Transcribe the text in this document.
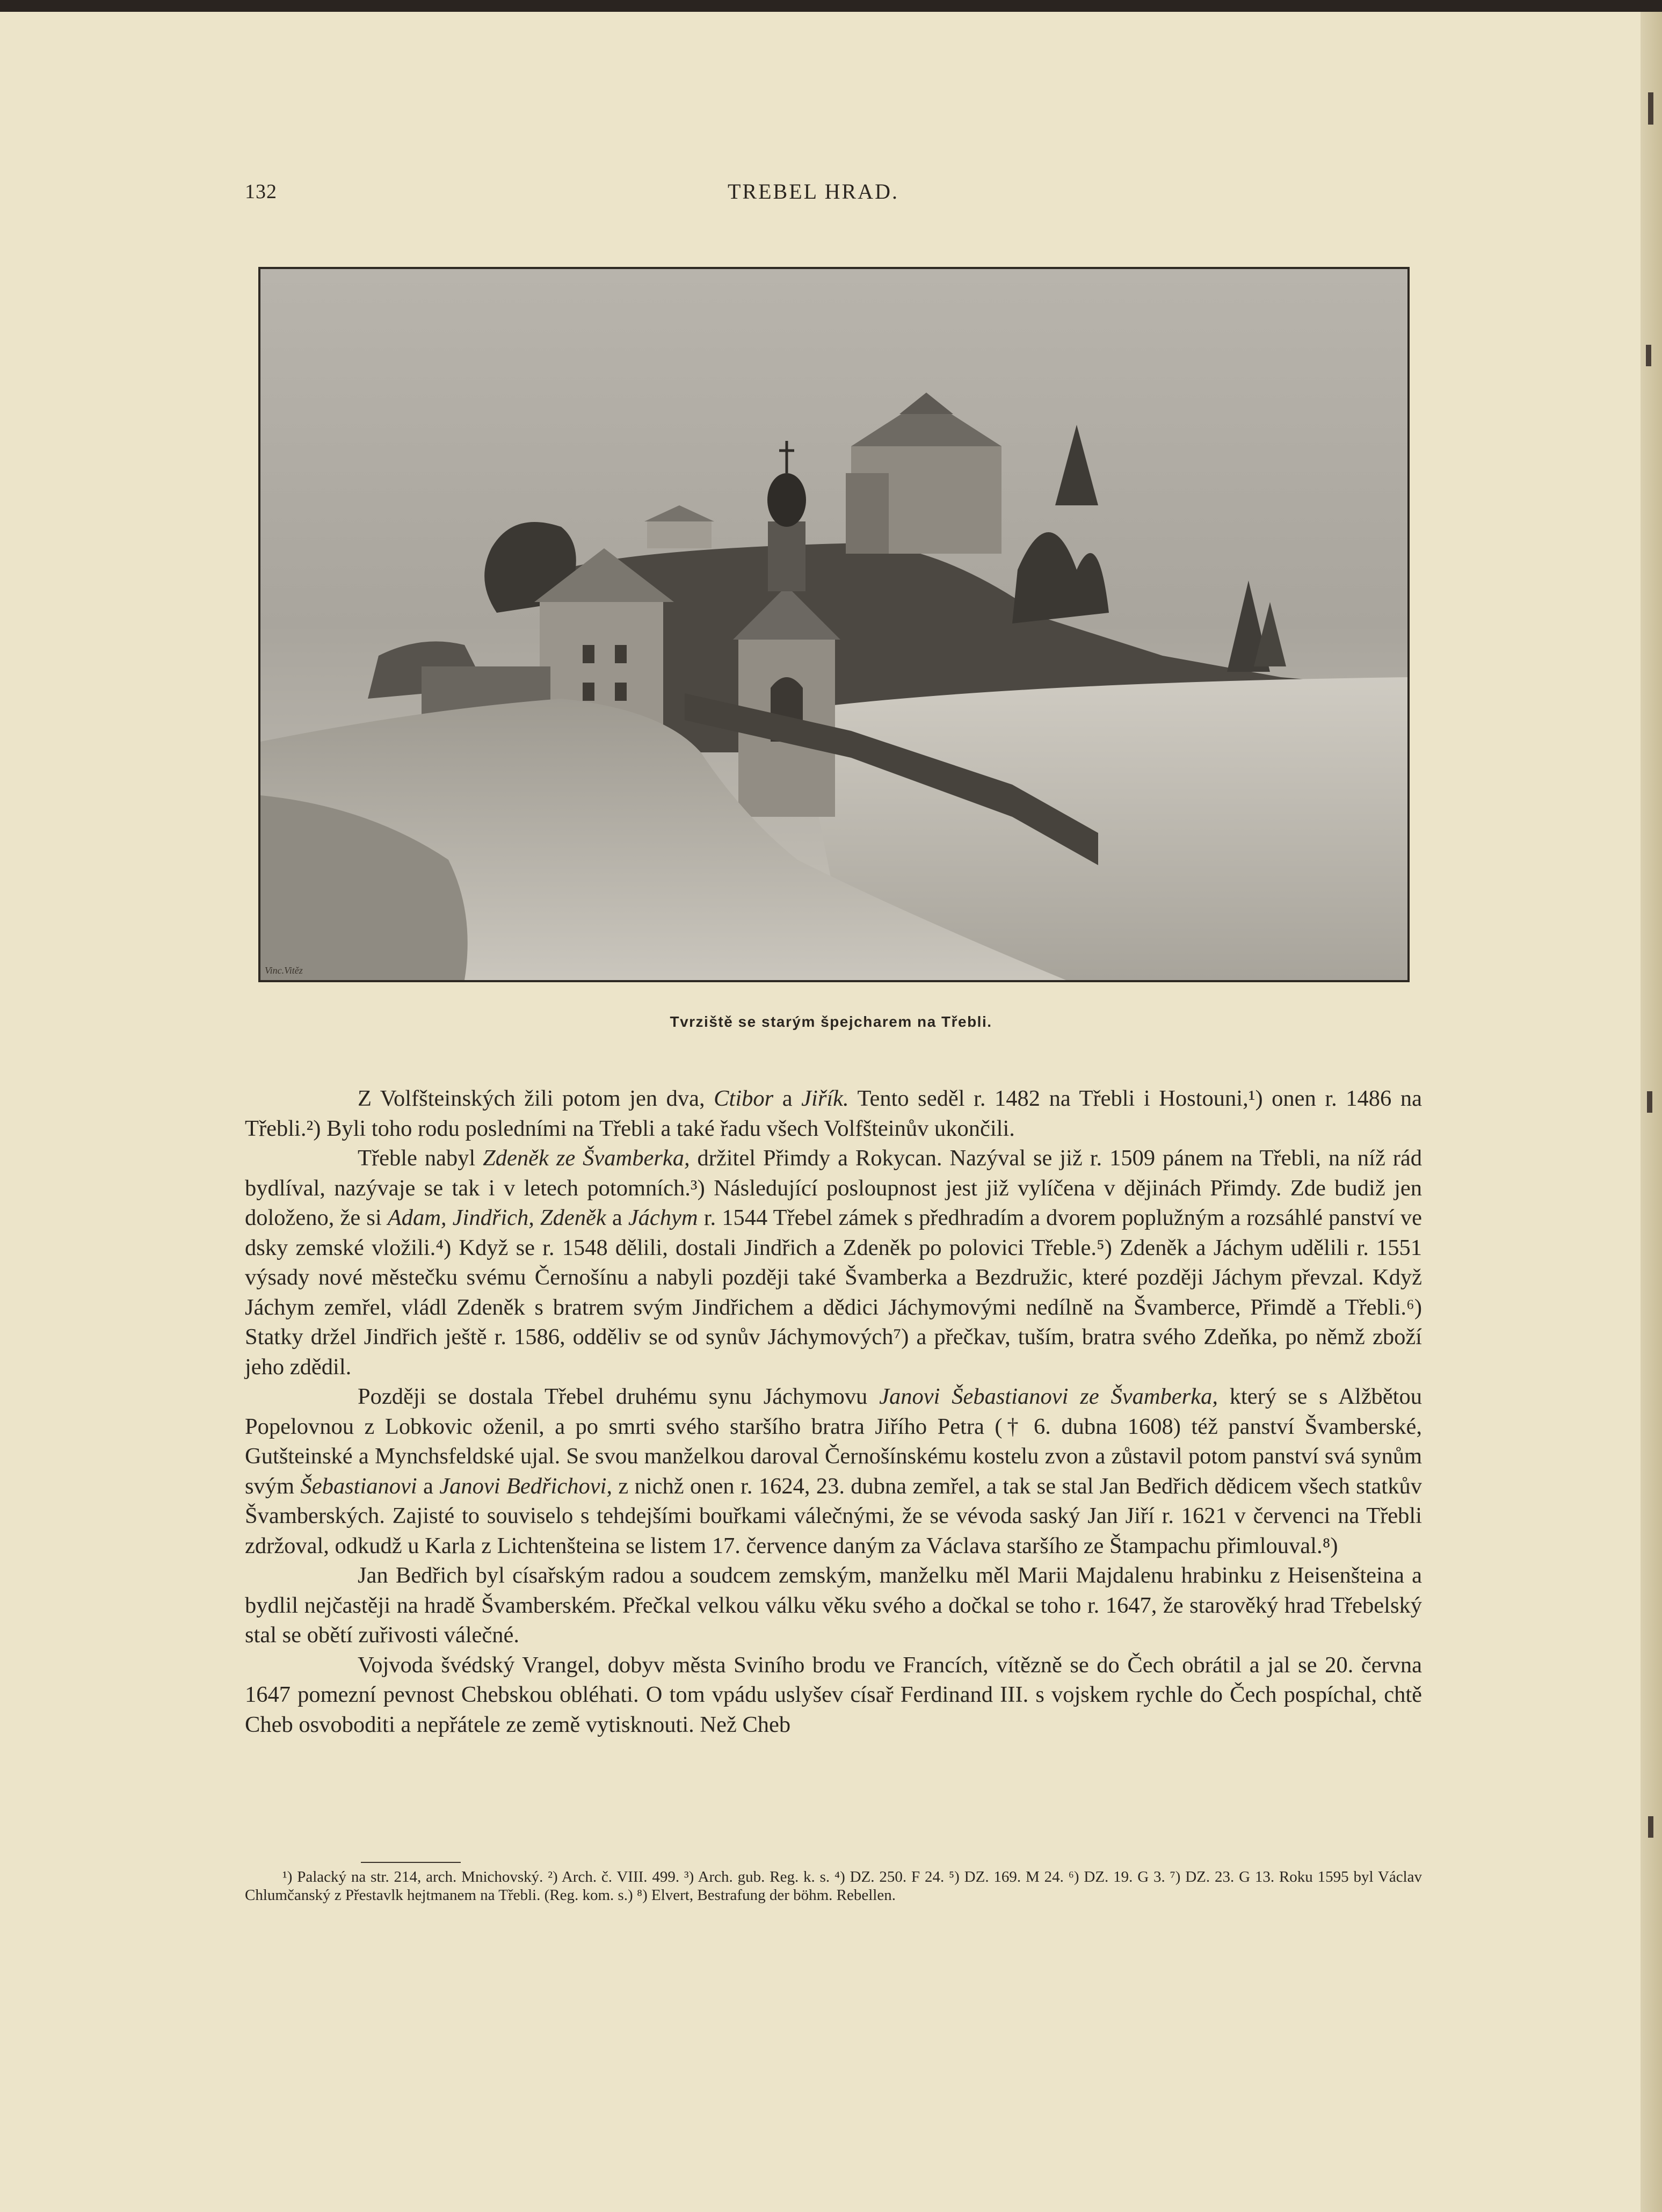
132	TREBEL HRAD.
Vinc.Vitěz
Tvrziště se starým špejcharem na Třebli.

Z Volfšteinských žili potom jen dva, Ctibor a Jiřík. Tento seděl r. 1482 na Třebli i Hostouni,¹) onen r. 1486 na Třebli.²) Byli toho rodu posledními na Třebli a také řadu všech Volfšteinův ukončili.

Třeble nabyl Zdeněk ze Švamberka, držitel Přimdy a Rokycan. Nazýval se již r. 1509 pánem na Třebli, na níž rád bydlíval, nazývaje se tak i v letech potomních.³) Následující posloupnost jest již vylíčena v dějinách Přimdy. Zde budiž jen doloženo, že si Adam, Jindřich, Zdeněk a Jáchym r. 1544 Třebel zámek s předhradím a dvorem poplužným a rozsáhlé panství ve dsky zemské vložili.⁴) Když se r. 1548 dělili, dostali Jindřich a Zdeněk po polovici Třeble.⁵) Zdeněk a Jáchym udělili r. 1551 výsady nové městečku svému Černošínu a nabyli později také Švamberka a Bezdružic, které později Jáchym převzal. Když Jáchym zemřel, vládl Zdeněk s bratrem svým Jindřichem a dědici Jáchymovými nedílně na Švamberce, Přimdě a Třebli.⁶) Statky držel Jindřich ještě r. 1586, odděliv se od synův Jáchymových⁷) a přečkav, tuším, bratra svého Zdeňka, po němž zboží jeho zdědil.

Později se dostala Třebel druhému synu Jáchymovu Janovi Šebastianovi ze Švamberka, který se s Alžbětou Popelovnou z Lobkovic oženil, a po smrti svého staršího bratra Jiřího Petra († 6. dubna 1608) též panství Švamberské, Gutšteinské a Mynchsfeldské ujal. Se svou manželkou daroval Černošínskému kostelu zvon a zůstavil potom panství svá synům svým Šebastianovi a Janovi Bedřichovi, z nichž onen r. 1624, 23. dubna zemřel, a tak se stal Jan Bedřich dědicem všech statkův Švamberských. Zajisté to souviselo s tehdejšími bouřkami válečnými, že se vévoda saský Jan Jiří r. 1621 v červenci na Třebli zdržoval, odkudž u Karla z Lichtenšteina se listem 17. července daným za Václava staršího ze Štampachu přimlouval.⁸)

Jan Bedřich byl císařským radou a soudcem zemským, manželku měl Marii Majdalenu hrabinku z Heisenšteina a bydlil nejčastěji na hradě Švamberském. Přečkal velkou válku věku svého a dočkal se toho r. 1647, že starověký hrad Třebelský stal se obětí zuřivosti válečné.

Vojvoda švédský Vrangel, dobyv města Sviního brodu ve Francích, vítězně se do Čech obrátil a jal se 20. června 1647 pomezní pevnost Chebskou obléhati. O tom vpádu uslyšev císař Ferdinand III. s vojskem rychle do Čech pospíchal, chtě Cheb osvoboditi a nepřátele ze země vytisknouti. Než Cheb

¹) Palacký na str. 214, arch. Mnichovský. ²) Arch. č. VIII. 499. ³) Arch. gub. Reg. k. s. ⁴) DZ. 250. F 24. ⁵) DZ. 169. M 24. ⁶) DZ. 19. G 3. ⁷) DZ. 23. G 13. Roku 1595 byl Václav Chlumčanský z Přestavlk hejtmanem na Třebli. (Reg. kom. s.) ⁸) Elvert, Bestrafung der böhm. Rebellen.
